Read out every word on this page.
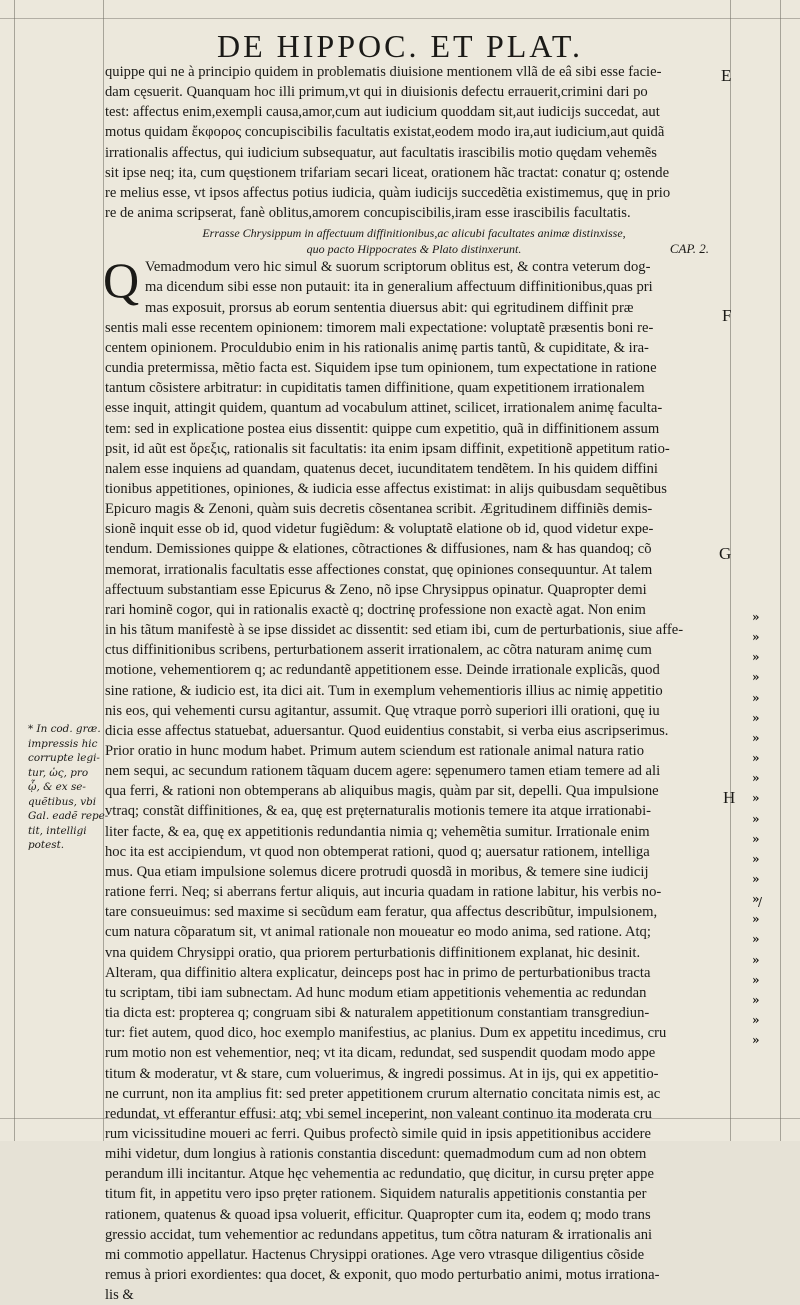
DE HIPPOC. ET PLAT.
quippe qui ne à principio quidem in problematis diuisione mentionem vllã de eâ sibi esse facie-
dam cęsuerit. Quanquam hoc illi primum,vt qui in diuisionis defectu errauerit,crimini dari po
test: affectus enim,exempli causa,amor,cum aut iudicium quoddam sit,aut iudicijs succedat, aut
motus quidam ἔκφορος concupiscibilis facultatis existat,eodem modo ira,aut iudicium,aut quidã
irrationalis affectus, qui iudicium subsequatur, aut facultatis irascibilis motio quędam vehemẽs
sit ipse neq; ita, cum quęstionem trifariam secari liceat, orationem hãc tractat: conatur q; ostende
re melius esse, vt ipsos affectus potius iudicia, quàm iudicijs succedẽtia existimemus, quę in prio
re de anima scripserat, fanè oblitus,amorem concupiscibilis,iram esse irascibilis facultatis.
Errasse Chrysippum in affectuum diffinitionibus,ac alicubi facultates animæ distinxisse,
quo pacto Hippocrates & Plato distinxerunt.	CAP. 2.
Q Vemadmodum vero hic simul & suorum scriptorum oblitus est, & contra veterum dog-
ma dicendum sibi esse non putauit: ita in generalium affectuum diffinitionibus,quas pri
mas exposuit, prorsus ab eorum sententia diuersus abit: qui egritudinem diffinit præ
sentis mali esse recentem opinionem: timorem mali expectatione: voluptatẽ præsentis boni re-
centem opinionem. Proculdubio enim in his rationalis animę partis tantũ, & cupiditate, & ira-
cundia pretermissa, mẽtio facta est. Siquidem ipse tum opinionem, tum expectatione in ratione
tantum cõsistere arbitratur: in cupiditatis tamen diffinitione, quam expetitionem irrationalem
esse inquit, attingit quidem, quantum ad vocabulum attinet, scilicet, irrationalem animę faculta-
tem: sed in explicatione postea eius dissentit: quippe cum expetitio, quã in diffinitionem assum
psit, id aũt est ὄρεξις, rationalis sit facultatis: ita enim ipsam diffinit, expetitionẽ appetitum ratio-
nalem esse inquiens ad quandam, quatenus decet, iucunditatem tendẽtem. In his quidem diffini
tionibus appetitiones, opiniones, & iudicia esse affectus existimat: in alijs quibusdam sequẽtibus
Epicuro magis & Zenoni, quàm suis decretis cõsentanea scribit. Ægritudinem diffiniẽs demis-
sionẽ inquit esse ob id, quod videtur fugiẽdum: & voluptatẽ elatione ob id, quod videtur expe-
tendum. Demissiones quippe & elationes, cõtractiones & diffusiones, nam & has quandoq; cõ
memorat, irrationalis facultatis esse affectiones constat, quę opiniones consequuntur. At talem
affectuum substantiam esse Epicurus & Zeno, nõ ipse Chrysippus opinatur. Quapropter demi
rari hominẽ cogor, qui in rationalis exactè q; doctrinę professione non exactè agat. Non enim
in his tãtum manifestè à se ipse dissidet ac dissentit: sed etiam ibi, cum de perturbationis, siue affe-
ctus diffinitionibus scribens, perturbationem asserit irrationalem, ac cõtra naturam animę cum
motione, vehementiorem q; ac redundantẽ appetitionem esse. Deinde irrationale explicãs, quod
sine ratione, & iudicio est, ita dici ait. Tum in exemplum vehementioris illius ac nimię appetitio
nis eos, qui vehementi cursu agitantur, assumit. Quę vtraque porrò superiori illi orationi, quę iu
dicia esse affectus statuebat, aduersantur. Quod euidentius constabit, si verba eius ascripserimus.
Prior oratio in hunc modum habet. Primum autem sciendum est rationale animal natura ratio
nem sequi, ac secundum rationem tãquam ducem agere: sępenumero tamen etiam temere ad ali
qua ferri, & rationi non obtemperans ab aliquibus magis, quàm par sit, depelli. Qua impulsione
vtraq; constãt diffinitiones, & ea, quę est pręternaturalis motionis temere ita atque irrationabi-
liter facte, & ea, quę ex appetitionis redundantia nimia q; vehemẽtia sumitur. Irrationale enim
hoc ita est accipiendum, vt quod non obtemperat rationi, quod q; auersatur rationem, intelliga
mus. Qua etiam impulsione solemus dicere protrudi quosdã in moribus, & temere sine iudicij
ratione ferri. Neq; si aberrans fertur aliquis, aut incuria quadam in ratione labitur, his verbis no-
tare consueuimus: sed maxime si secũdum eam feratur, qua affectus describũtur, impulsionem,
cum natura cõparatum sit, vt animal rationale non moueatur eo modo anima, sed ratione. Atq;
vna quidem Chrysippi oratio, qua priorem perturbationis diffinitionem explanat, hic desinit.
Alteram, qua diffinitio altera explicatur, deinceps post hac in primo de perturbationibus tracta
tu scriptam, tibi iam subnectam. Ad hunc modum etiam appetitionis vehementia ac redundan
tia dicta est: propterea q; congruam sibi & naturalem appetitionum constantiam transgrediun-
tur: fiet autem, quod dico, hoc exemplo manifestius, ac planius. Dum ex appetitu incedimus, cru
rum motio non est vehementior, neq; vt ita dicam, redundat, sed suspendit quodam modo appe
titum & moderatur, vt & stare, cum voluerimus, & ingredi possimus. At in ijs, qui ex appetitio-
ne currunt, non ita amplius fit: sed preter appetitionem crurum alternatio concitata nimis est, ac
redundat, vt efferantur effusi: atq; vbi semel inceperint, non valeant continuo ita moderata cru
rum vicissitudine moueri ac ferri. Quibus profectò simile quid in ipsis appetitionibus accidere
mihi videtur, dum longius à rationis constantia discedunt: quemadmodum cum ad non obtem
perandum illi incitantur. Atque hęc vehementia ac redundatio, quę dicitur, in cursu pręter appe
titum fit, in appetitu vero ipso pręter rationem. Siquidem naturalis appetitionis constantia per
rationem, quatenus & quoad ipsa voluerit, efficitur. Quapropter cum ita, eodem q; modo trans
gressio accidat, tum vehementior ac redundans appetitus, tum cõtra naturam & irrationalis ani
mi commotio appellatur. Hactenus Chrysippi orationes. Age vero vtrasque diligentius cõside
remus à priori exordientes: qua docet, & exponit, quo modo perturbatio animi, motus irrationa-
lis &
E
F
G
H
»
»
»
»
»
»
»
»
»
»
»
»
»
»
»
»
»
»
»
»
»
»
* In cod. græ.
impressis hic
corrupte legi-
tur, ὡς, pro
ᾧ, & ex se-
quẽtibus, vbi
Gal. eadẽ repe-
tit, intelligi
potest.
/
